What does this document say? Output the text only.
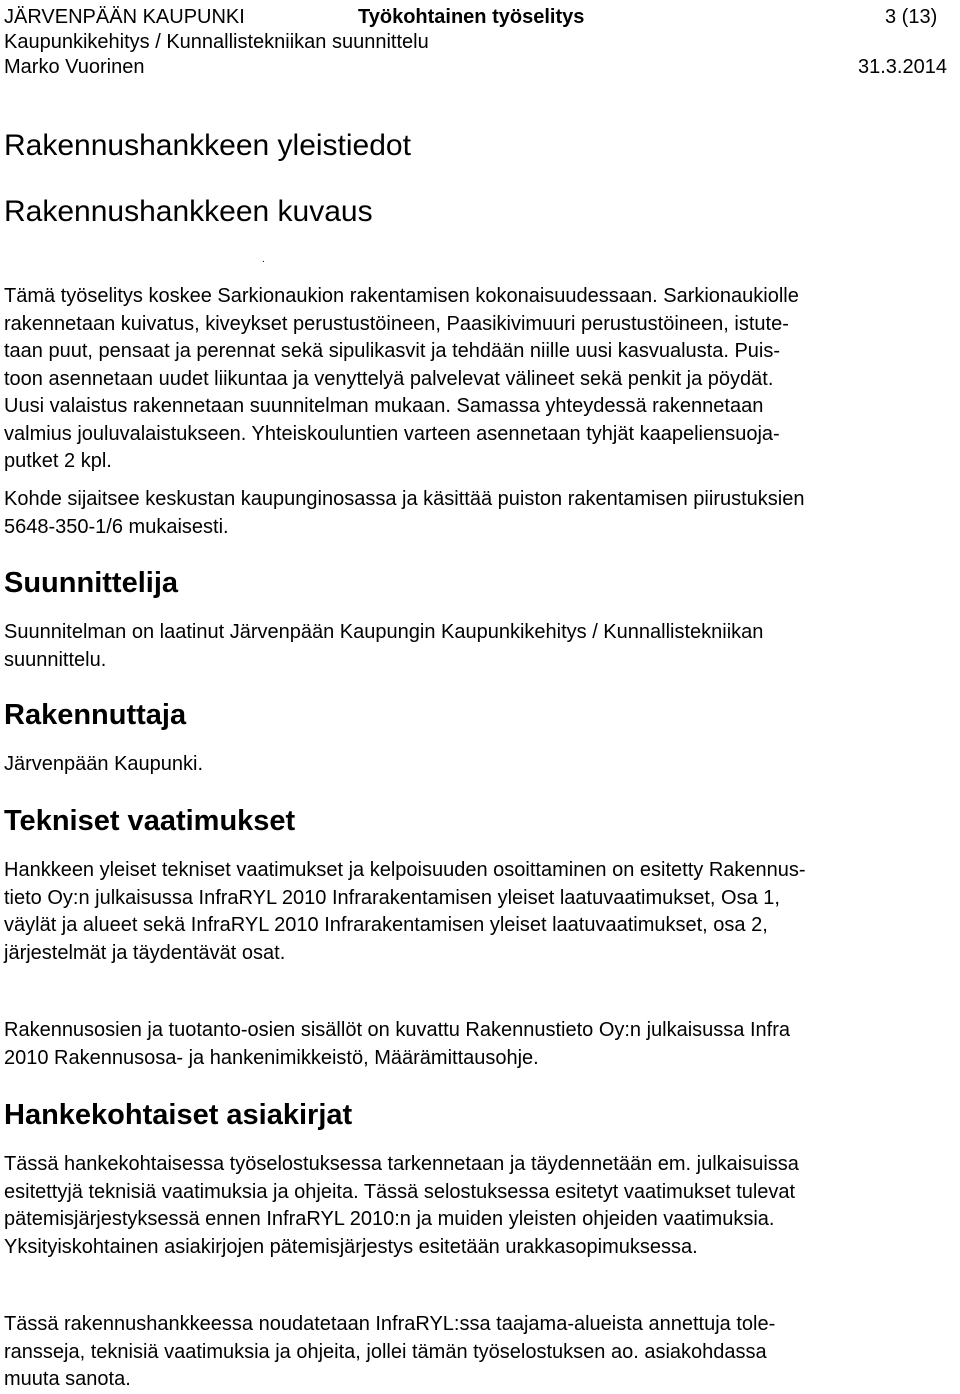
JÄRVENPÄÄN KAUPUNKI	Työkohtainen työselitys	3 (13)
Kaupunkikehitys / Kunnallistekniikan suunnittelu
Marko Vuorinen	31.3.2014
Rakennushankkeen yleistiedot
Rakennushankkeen kuvaus
.
Tämä työselitys koskee Sarkionaukion rakentamisen kokonaisuudessaan. Sarkionaukiolle
rakennetaan kuivatus, kiveykset perustustöineen, Paasikivimuuri perustustöineen, istute-
taan puut, pensaat ja perennat sekä sipulikasvit ja tehdään niille uusi kasvualusta. Puis-
toon asennetaan uudet liikuntaa ja venyttelyä palvelevat välineet sekä penkit ja pöydät.
Uusi valaistus rakennetaan suunnitelman mukaan. Samassa yhteydessä rakennetaan
valmius jouluvalaistukseen. Yhteiskouluntien varteen asennetaan tyhjät kaapeliensuoja-
putket 2 kpl.
Kohde sijaitsee keskustan kaupunginosassa ja käsittää puiston rakentamisen piirustuksien
5648-350-1/6 mukaisesti.
Suunnittelija
Suunnitelman on laatinut Järvenpään Kaupungin Kaupunkikehitys / Kunnallistekniikan
suunnittelu.
Rakennuttaja
Järvenpään Kaupunki.
Tekniset vaatimukset
Hankkeen yleiset tekniset vaatimukset ja kelpoisuuden osoittaminen on esitetty Rakennus-
tieto Oy:n julkaisussa InfraRYL 2010 Infrarakentamisen yleiset laatuvaatimukset, Osa 1,
väylät ja alueet sekä InfraRYL 2010 Infrarakentamisen yleiset laatuvaatimukset, osa 2,
järjestelmät ja täydentävät osat.
Rakennusosien ja tuotanto-osien sisällöt on kuvattu Rakennustieto Oy:n julkaisussa Infra
2010 Rakennusosa- ja hankenimikkeistö, Määrämittausohje.
Hankekohtaiset asiakirjat
Tässä hankekohtaisessa työselostuksessa tarkennetaan ja täydennetään em. julkaisuissa
esitettyjä teknisiä vaatimuksia ja ohjeita. Tässä selostuksessa esitetyt vaatimukset tulevat
pätemisjärjestyksessä ennen InfraRYL 2010:n ja muiden yleisten ohjeiden vaatimuksia.
Yksityiskohtainen asiakirjojen pätemisjärjestys esitetään urakkasopimuksessa.
Tässä rakennushankkeessa noudatetaan InfraRYL:ssa taajama-alueista annettuja tole-
ransseja, teknisiä vaatimuksia ja ohjeita, jollei tämän työselostuksen ao. asiakohdassa
muuta sanota.
